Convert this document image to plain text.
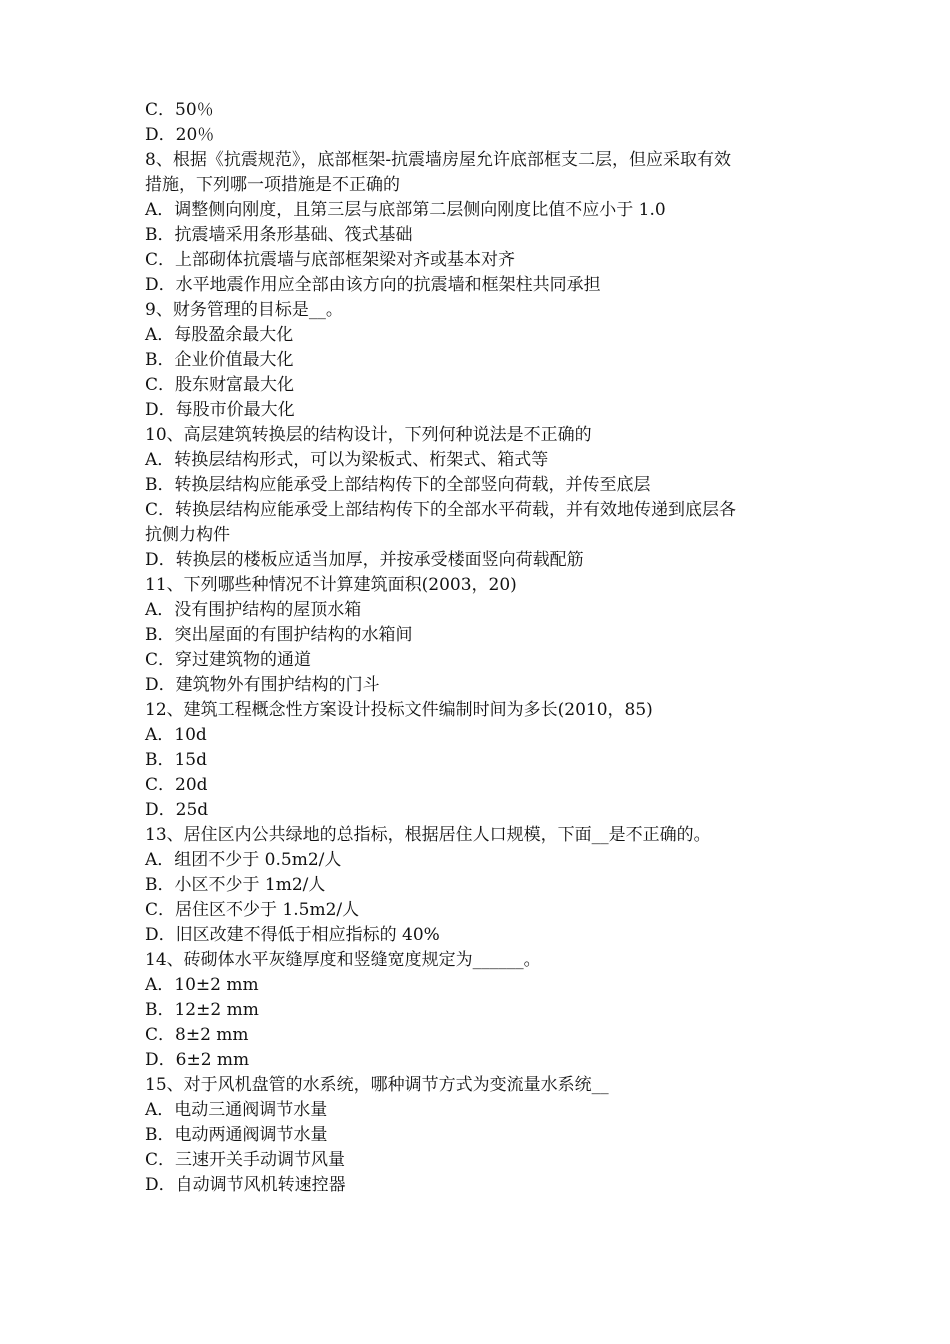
C．50％

D．20％

8、根据《抗震规范》，底部框架-抗震墙房屋允许底部框支二层，但应采取有效

措施，下列哪一项措施是不正确的

A．调整侧向刚度，且第三层与底部第二层侧向刚度比值不应小于 1.0

B．抗震墙采用条形基础、筏式基础

C．上部砌体抗震墙与底部框架梁对齐或基本对齐

D．水平地震作用应全部由该方向的抗震墙和框架柱共同承担

9、财务管理的目标是__。

A．每股盈余最大化

B．企业价值最大化

C．股东财富最大化

D．每股市价最大化

10、高层建筑转换层的结构设计，下列何种说法是不正确的

A．转换层结构形式，可以为梁板式、桁架式、箱式等

B．转换层结构应能承受上部结构传下的全部竖向荷载，并传至底层

C．转换层结构应能承受上部结构传下的全部水平荷载，并有效地传递到底层各

抗侧力构件

D．转换层的楼板应适当加厚，并按承受楼面竖向荷载配筋

11、下列哪些种情况不计算建筑面积(2003，20)

A．没有围护结构的屋顶水箱

B．突出屋面的有围护结构的水箱间

C．穿过建筑物的通道

D．建筑物外有围护结构的门斗

12、建筑工程概念性方案设计投标文件编制时间为多长(2010，85)

A．10d

B．15d

C．20d

D．25d

13、居住区内公共绿地的总指标，根据居住人口规模，下面__是不正确的。

A．组团不少于 0.5m2/人

B．小区不少于 1m2/人

C．居住区不少于 1.5m2/人

D．旧区改建不得低于相应指标的 40%

14、砖砌体水平灰缝厚度和竖缝宽度规定为______。

A．10±2 mm

B．12±2 mm

C．8±2 mm

D．6±2 mm

15、对于风机盘管的水系统，哪种调节方式为变流量水系统__

A．电动三通阀调节水量

B．电动两通阀调节水量

C．三速开关手动调节风量

D．自动调节风机转速控器
